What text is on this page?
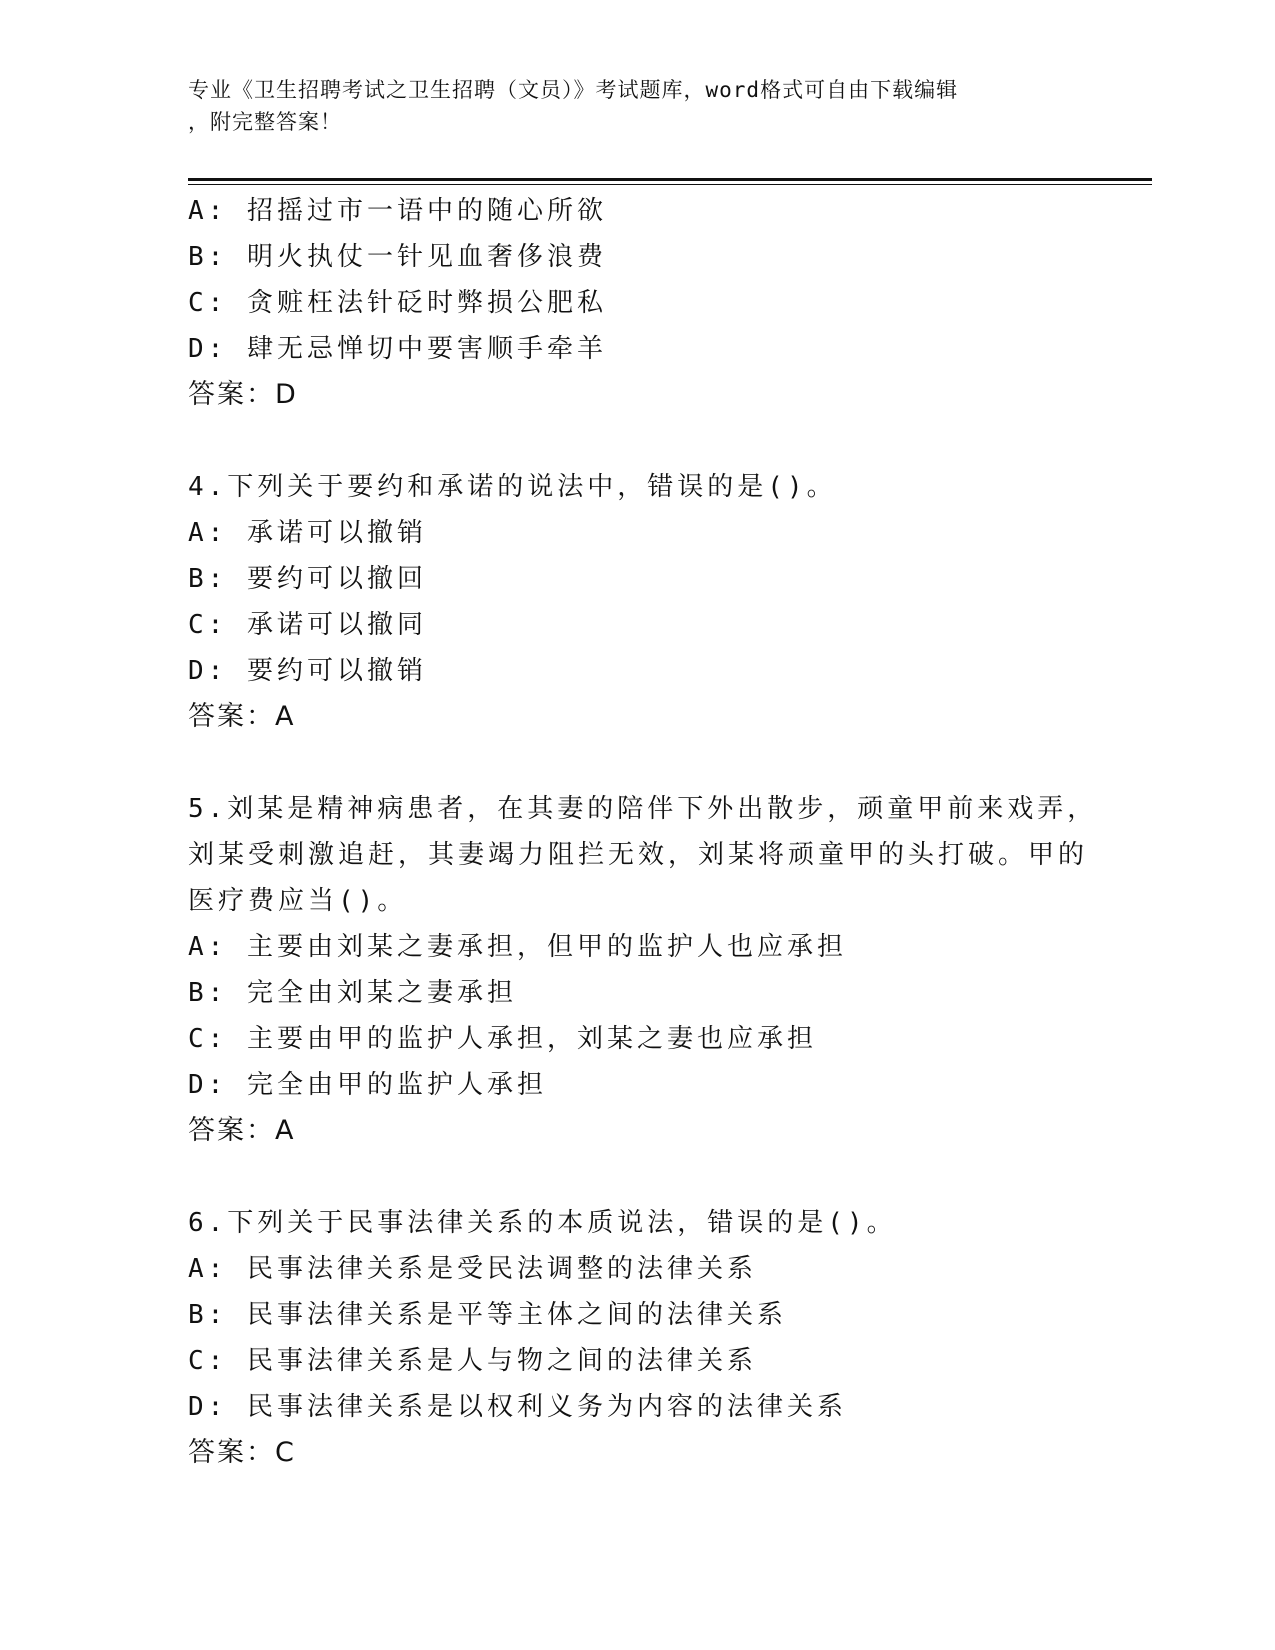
专业《卫生招聘考试之卫生招聘（文员）》考试题库，word格式可自由下载编辑
，附完整答案！
A: 招摇过市一语中的随心所欲
B: 明火执仗一针见血奢侈浪费
C: 贪赃枉法针砭时弊损公肥私
D: 肆无忌惮切中要害顺手牵羊
答案：D
4.下列关于要约和承诺的说法中，错误的是()。
A: 承诺可以撤销
B: 要约可以撤回
C: 承诺可以撤同
D: 要约可以撤销
答案：A
5.刘某是精神病患者，在其妻的陪伴下外出散步，顽童甲前来戏弄，
刘某受刺激追赶，其妻竭力阻拦无效，刘某将顽童甲的头打破。甲的
医疗费应当()。
A: 主要由刘某之妻承担，但甲的监护人也应承担
B: 完全由刘某之妻承担
C: 主要由甲的监护人承担，刘某之妻也应承担
D: 完全由甲的监护人承担
答案：A
6.下列关于民事法律关系的本质说法，错误的是()。
A: 民事法律关系是受民法调整的法律关系
B: 民事法律关系是平等主体之间的法律关系
C: 民事法律关系是人与物之间的法律关系
D: 民事法律关系是以权利义务为内容的法律关系
答案：C
